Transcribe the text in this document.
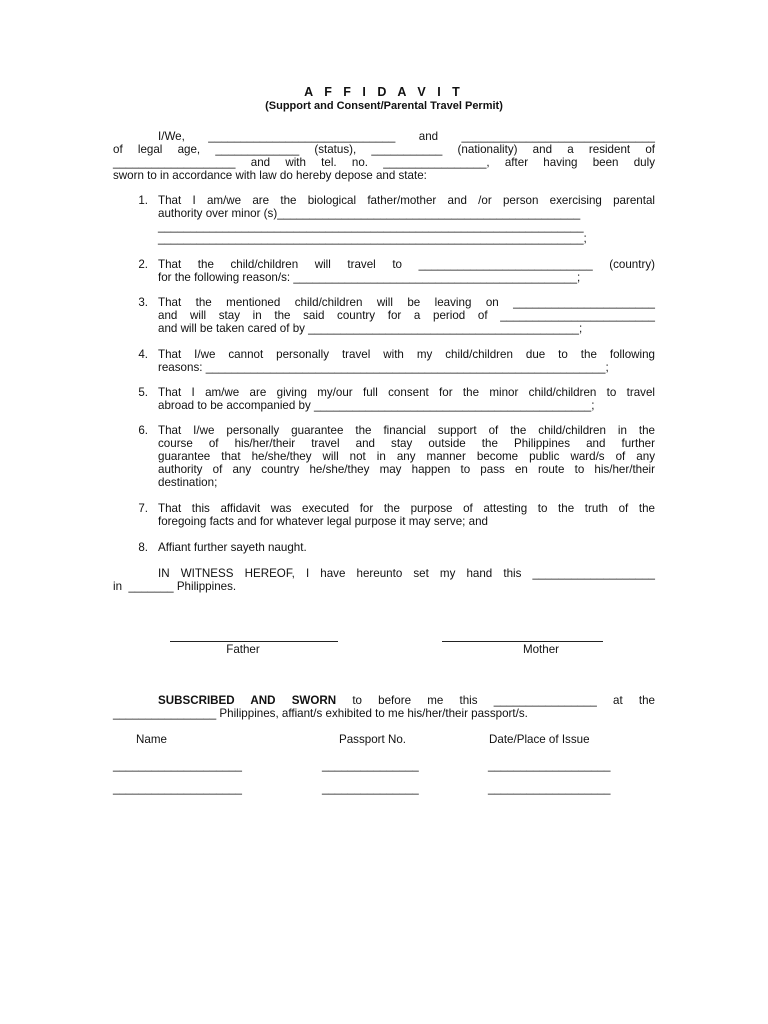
A F F I D A V I T
(Support and Consent/Parental Travel Permit)
I/We, _____________________________ and ______________________________
of legal age, _____________ (status), ___________ (nationality) and a resident of
___________________ and with tel. no. ________________, after having been duly
sworn to in accordance with law do hereby depose and state:
1. That I am/we are the biological father/mother and /or person exercising parental
authority over minor (s)_______________________________________________
__________________________________________________________________
__________________________________________________________________;
2. That the child/children will travel to ___________________________ (country)
for the following reason/s: ____________________________________________;
3. That the mentioned child/children will be leaving on ______________________
and will stay in the said country for a period of ________________________
and will be taken cared of by __________________________________________;
4. That I/we cannot personally travel with my child/children due to the following
reasons: ______________________________________________________________;
5. That I am/we are giving my/our full consent for the minor child/children to travel
abroad to be accompanied by ___________________________________________;
6. That I/we personally guarantee the financial support of the child/children in the
course of his/her/their travel and stay outside the Philippines and further
guarantee that he/she/they will not in any manner become public ward/s of any
authority of any country he/she/they may happen to pass en route to his/her/their
destination;
7. That this affidavit was executed for the purpose of attesting to the truth of the
foregoing facts and for whatever legal purpose it may serve; and
8. Affiant further sayeth naught.
IN WITNESS HEREOF, I have hereunto set my hand this ___________________
in  _______ Philippines.
Father	Mother
SUBSCRIBED AND SWORN to before me this ________________ at the
________________ Philippines, affiant/s exhibited to me his/her/their passport/s.
Name	Passport No.	Date/Place of Issue
____________________	_______________	___________________
____________________	_______________	___________________
